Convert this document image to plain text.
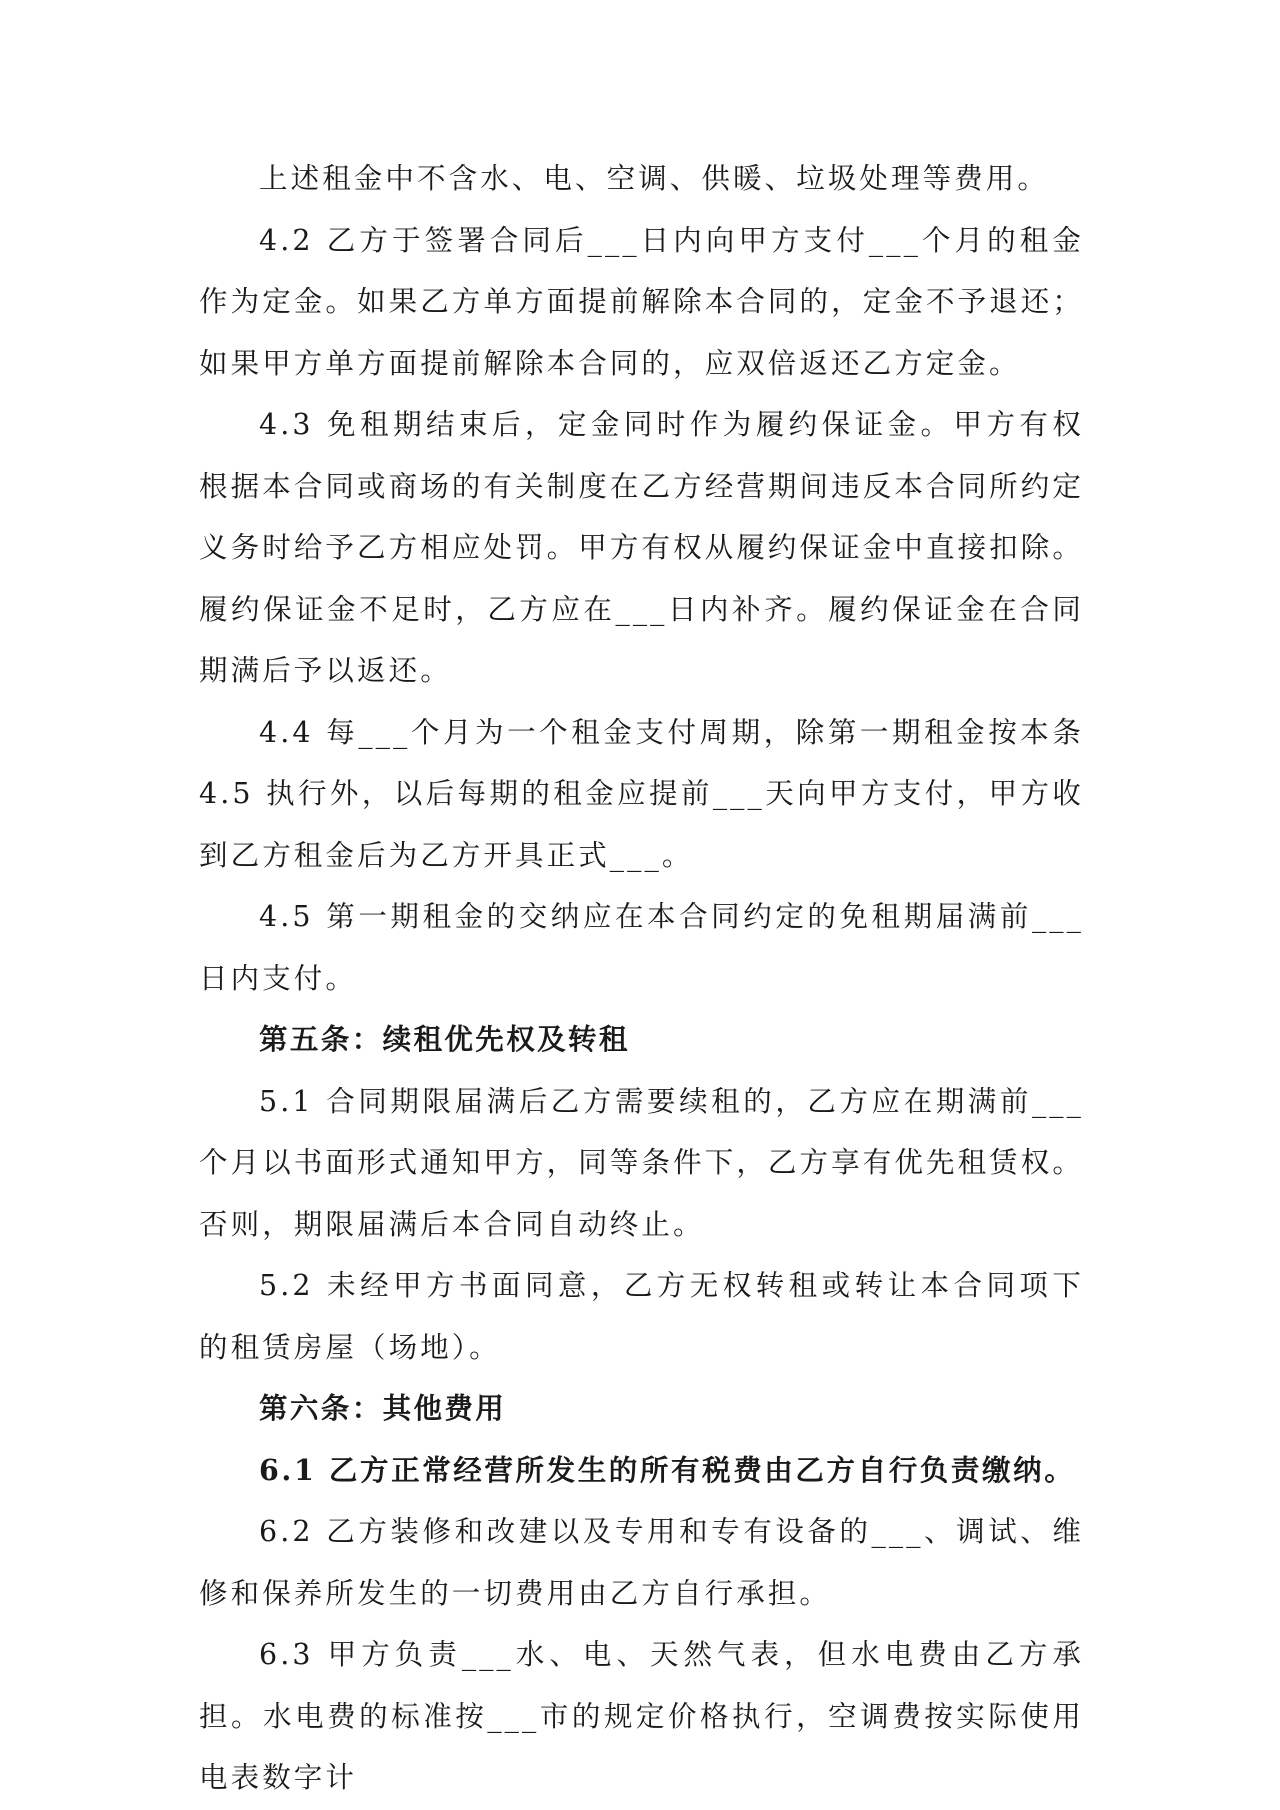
上述租金中不含水、电、空调、供暖、垃圾处理等费用。

4.2 乙方于签署合同后___日内向甲方支付___个月的租金作为定金。如果乙方单方面提前解除本合同的，定金不予退还；如果甲方单方面提前解除本合同的，应双倍返还乙方定金。

4.3 免租期结束后，定金同时作为履约保证金。甲方有权根据本合同或商场的有关制度在乙方经营期间违反本合同所约定义务时给予乙方相应处罚。甲方有权从履约保证金中直接扣除。履约保证金不足时，乙方应在___日内补齐。履约保证金在合同期满后予以返还。

4.4 每___个月为一个租金支付周期，除第一期租金按本条 4.5 执行外，以后每期的租金应提前___天向甲方支付，甲方收到乙方租金后为乙方开具正式___。

4.5 第一期租金的交纳应在本合同约定的免租期届满前___日内支付。

第五条：续租优先权及转租

5.1 合同期限届满后乙方需要续租的，乙方应在期满前___个月以书面形式通知甲方，同等条件下，乙方享有优先租赁权。否则，期限届满后本合同自动终止。

5.2 未经甲方书面同意，乙方无权转租或转让本合同项下的租赁房屋（场地）。

第六条：其他费用

6.1 乙方正常经营所发生的所有税费由乙方自行负责缴纳。

6.2 乙方装修和改建以及专用和专有设备的___、调试、维修和保养所发生的一切费用由乙方自行承担。

6.3 甲方负责___水、电、天然气表，但水电费由乙方承担。水电费的标准按___市的规定价格执行，空调费按实际使用电表数字计
